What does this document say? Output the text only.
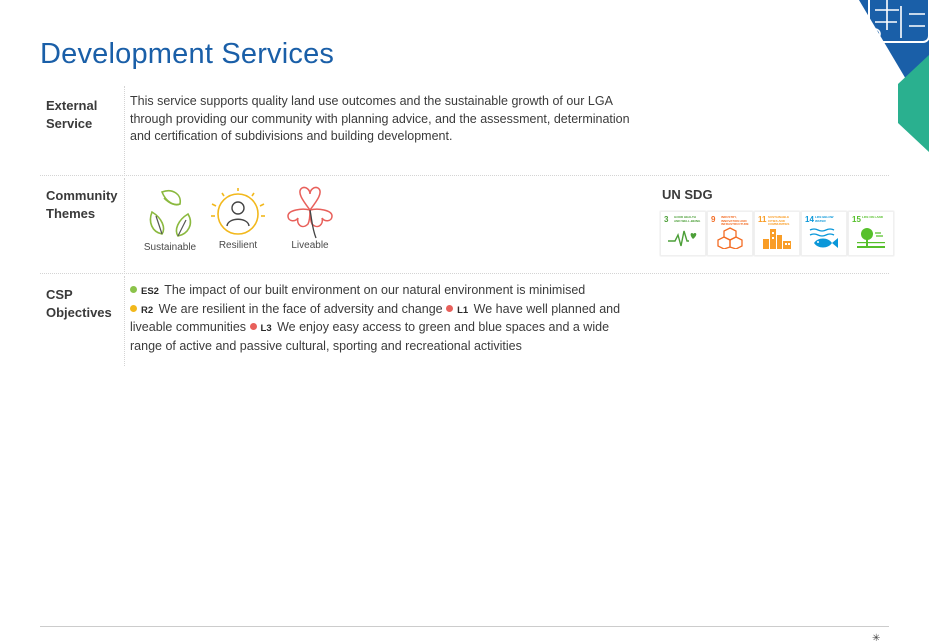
Development Services
External Service
This service supports quality land use outcomes and the sustainable growth of our LGA through providing our community with planning advice, and the assessment, determination and certification of subdivisions and building development.
Community Themes
Sustainable	Resilient	Liveable
UN SDG
3 GOOD HEALTH AND WELL-BEING 9 INDUSTRY, INNOVATION AND INFRASTRUCTURE 11 SUSTAINABLE CITIES AND COMMUNITIES	14 LIFE BELOW WATER	15 LIFE ON LAND
CSP Objectives
ES2 The impact of our built environment on our natural environment is minimised
R2 We are resilient in the face of adversity and change L1 We have well planned and liveable communities L3 We enjoy easy access to green and blue spaces and a wide range of active and passive cultural, sporting and recreational activities
✳
